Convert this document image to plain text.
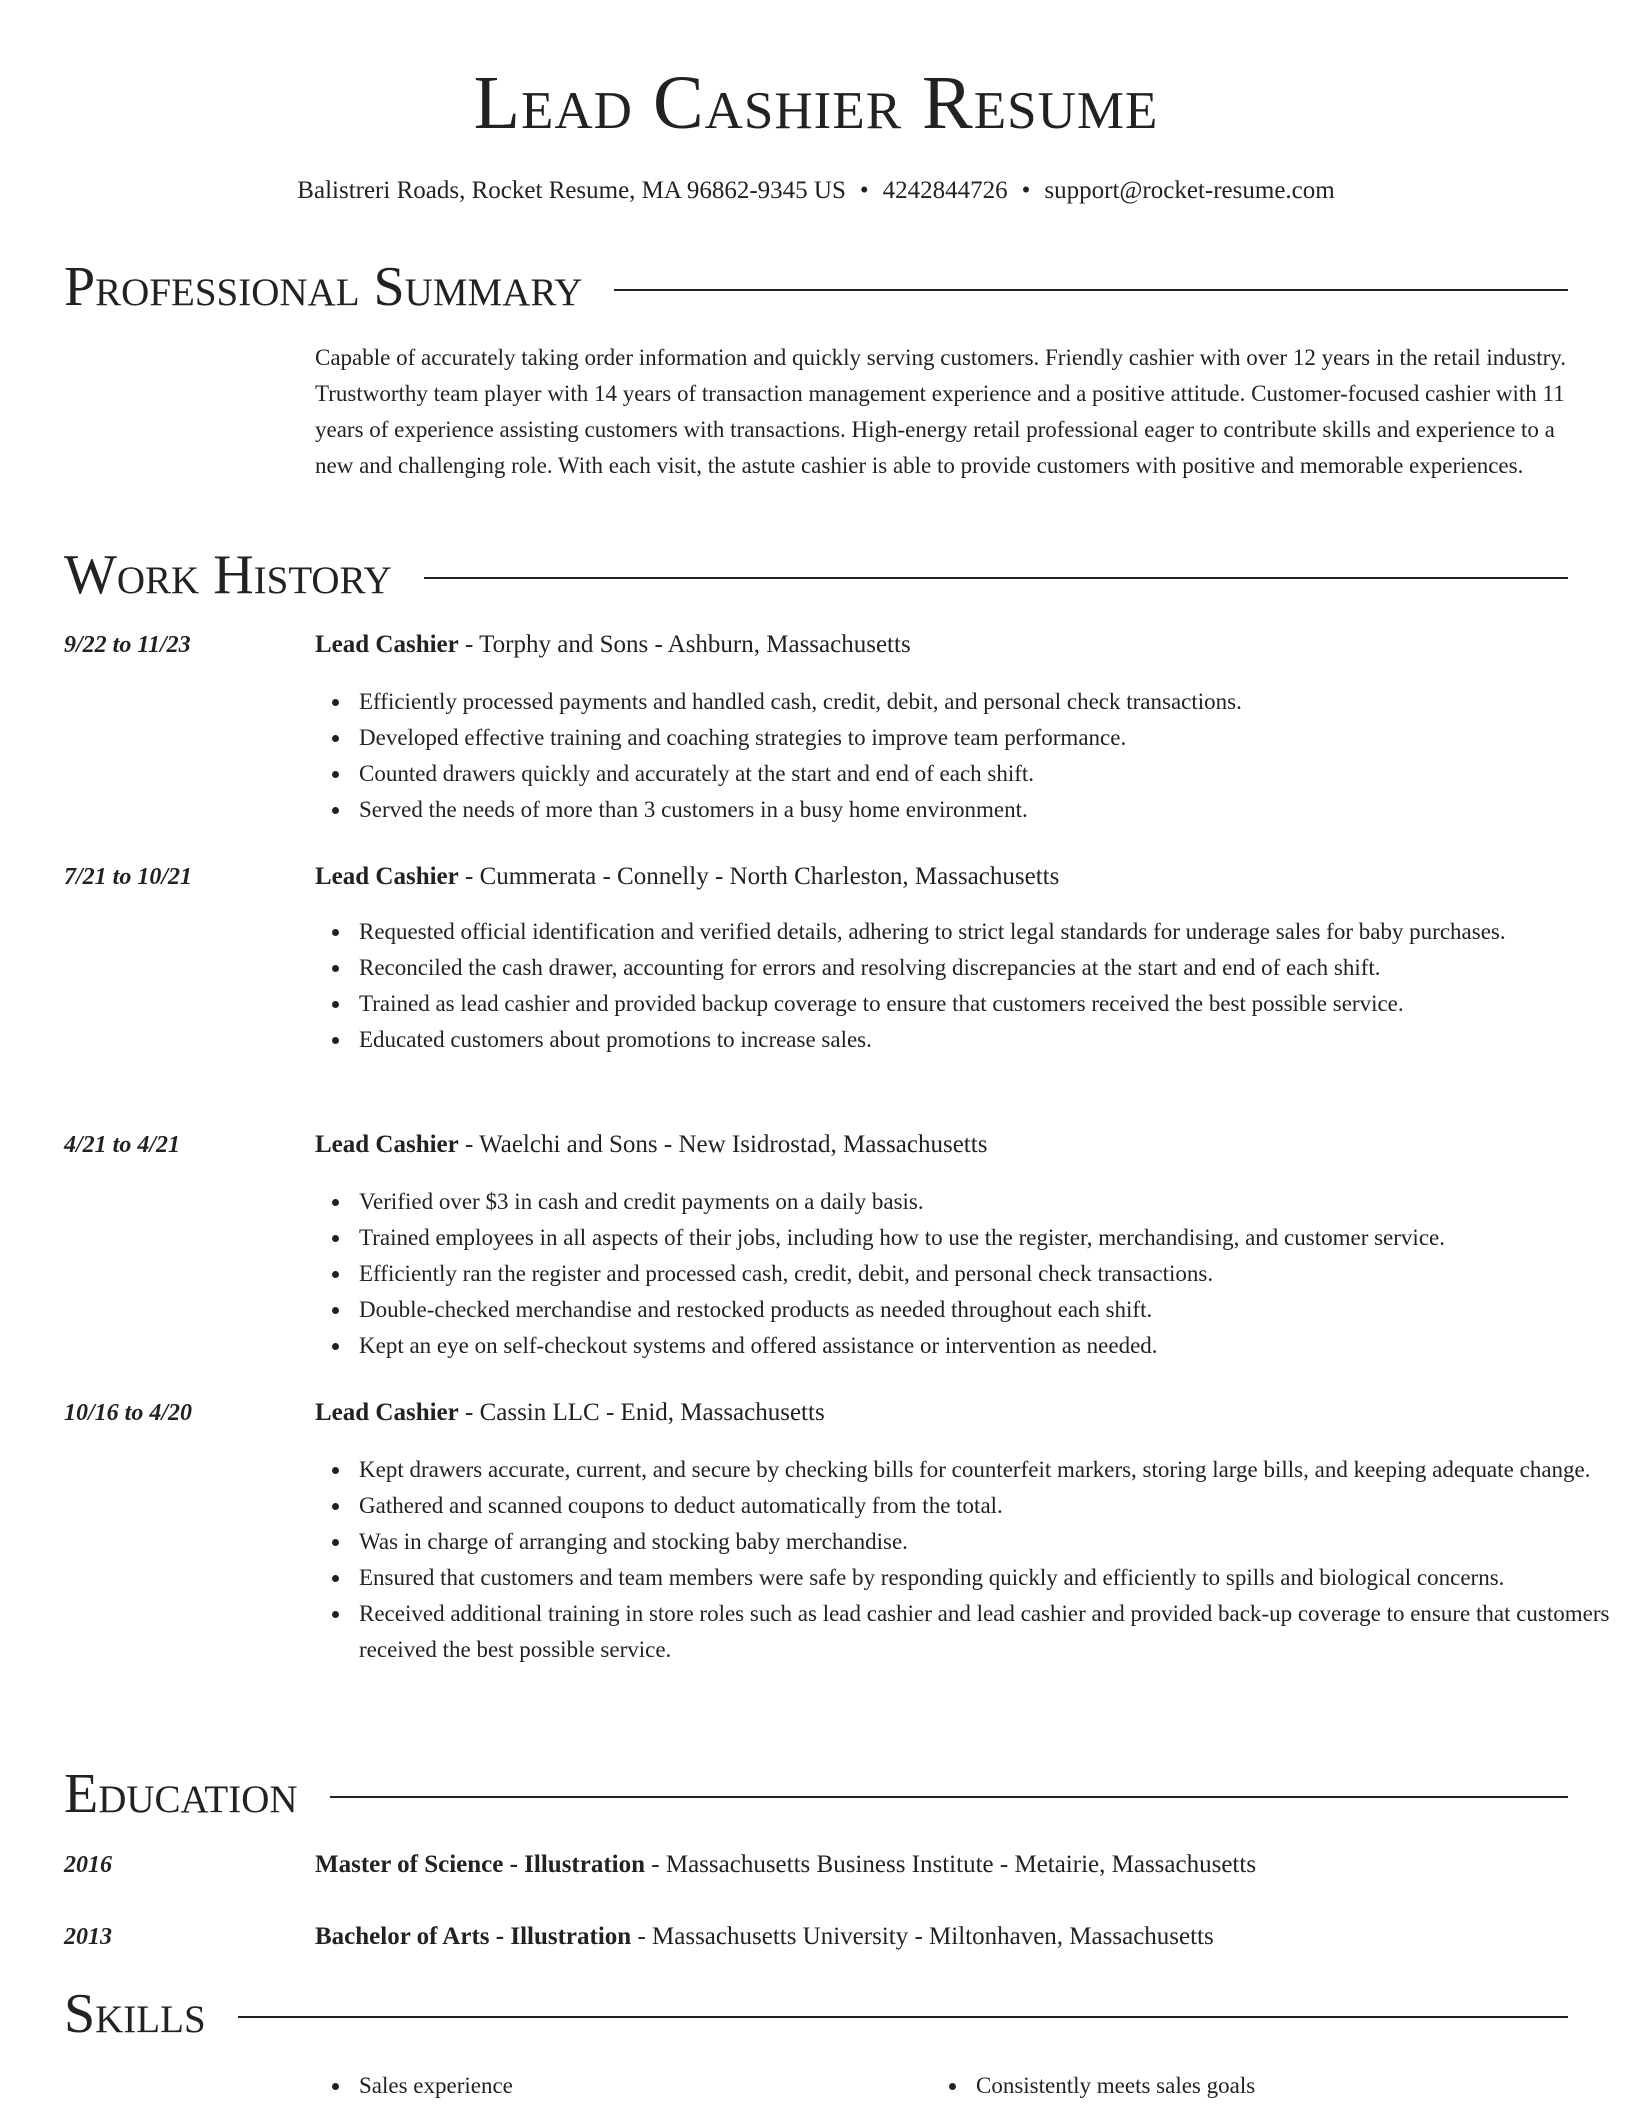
Lead Cashier Resume
Balistreri Roads, Rocket Resume, MA 96862-9345 US • 4242844726 • support@rocket-resume.com
Professional Summary

Capable of accurately taking order information and quickly serving customers. Friendly cashier with over 12 years in the retail industry. Trustworthy team player with 14 years of transaction management experience and a positive attitude. Customer-focused cashier with 11 years of experience assisting customers with transactions. High-energy retail professional eager to contribute skills and experience to a new and challenging role. With each visit, the astute cashier is able to provide customers with positive and memorable experiences.

Work History
9/22 to 11/23	Lead Cashier - Torphy and Sons - Ashburn, Massachusetts
Efficiently processed payments and handled cash, credit, debit, and personal check transactions.
Developed effective training and coaching strategies to improve team performance.
Counted drawers quickly and accurately at the start and end of each shift.
Served the needs of more than 3 customers in a busy home environment.
7/21 to 10/21	Lead Cashier - Cummerata - Connelly - North Charleston, Massachusetts
Requested official identification and verified details, adhering to strict legal standards for underage sales for baby purchases.
Reconciled the cash drawer, accounting for errors and resolving discrepancies at the start and end of each shift.
Trained as lead cashier and provided backup coverage to ensure that customers received the best possible service.
Educated customers about promotions to increase sales.
4/21 to 4/21	Lead Cashier - Waelchi and Sons - New Isidrostad, Massachusetts
Verified over $3 in cash and credit payments on a daily basis.
Trained employees in all aspects of their jobs, including how to use the register, merchandising, and customer service.
Efficiently ran the register and processed cash, credit, debit, and personal check transactions.
Double-checked merchandise and restocked products as needed throughout each shift.
Kept an eye on self-checkout systems and offered assistance or intervention as needed.
10/16 to 4/20	Lead Cashier - Cassin LLC - Enid, Massachusetts
Kept drawers accurate, current, and secure by checking bills for counterfeit markers, storing large bills, and keeping adequate change.
Gathered and scanned coupons to deduct automatically from the total.
Was in charge of arranging and stocking baby merchandise.
Ensured that customers and team members were safe by responding quickly and efficiently to spills and biological concerns.
Received additional training in store roles such as lead cashier and lead cashier and provided back-up coverage to ensure that customers received the best possible service.
Education
2016	Master of Science - Illustration - Massachusetts Business Institute - Metairie, Massachusetts
2013	Bachelor of Arts - Illustration - Massachusetts University - Miltonhaven, Massachusetts
Skills
Sales experience	Consistently meets sales goals
